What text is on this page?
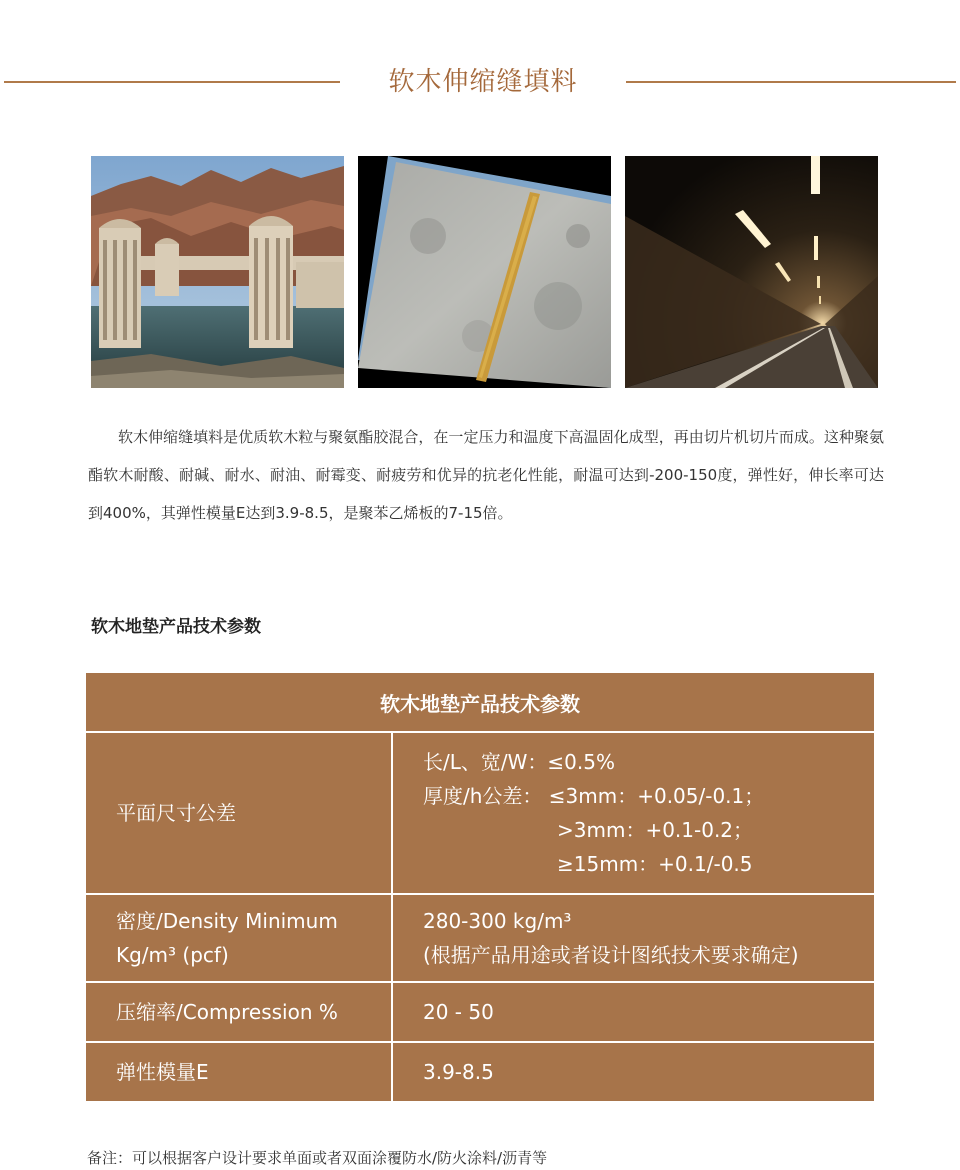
软木伸缩缝填料

软木伸缩缝填料是优质软木粒与聚氨酯胶混合，在一定压力和温度下高温固化成型，再由切片机切片而成。这种聚氨酯软木耐酸、耐碱、耐水、耐油、耐霉变、耐疲劳和优异的抗老化性能，耐温可达到-200-150度，弹性好，伸长率可达到400%，其弹性模量E达到3.9-8.5，是聚苯乙烯板的7-15倍。

软木地垫产品技术参数
软木地垫产品技术参数	
平面尺寸公差	长/L、宽/W：≤0.5%
厚度/h公差： ≤3mm：+0.05/-0.1；
>3mm：+0.1-0.2；
≥15mm：+0.1/-0.5

密度/Density Minimum
Kg/m³ (pcf)	280-300 kg/m³
(根据产品用途或者设计图纸技术要求确定)

压缩率/Compression %	20 - 50
弹性模量E	3.9-8.5
备注：可以根据客户设计要求单面或者双面涂覆防水/防火涂料/沥青等
